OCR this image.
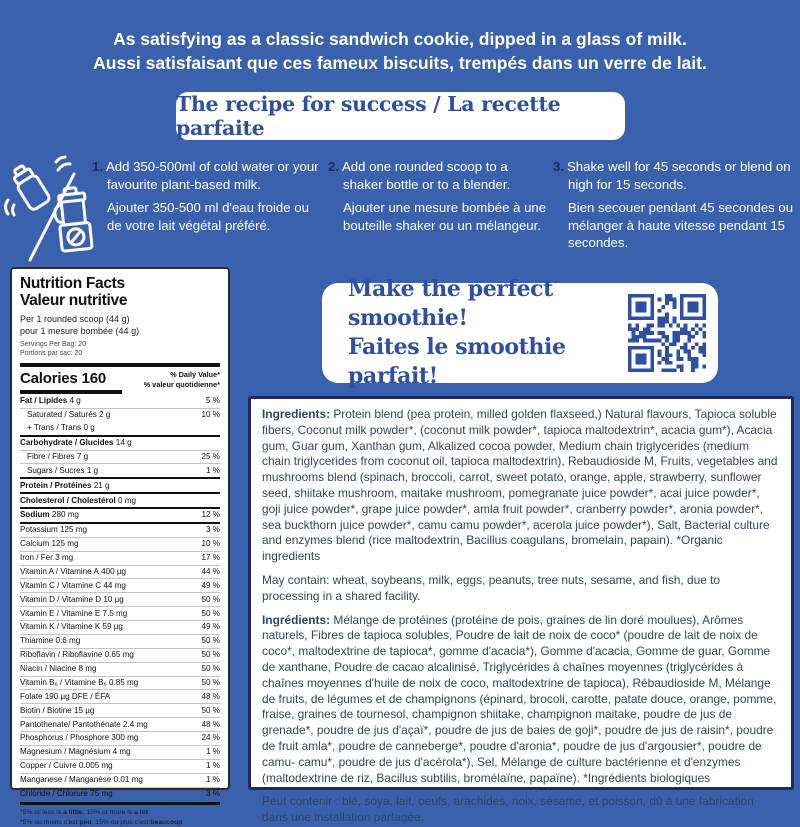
As satisfying as a classic sandwich cookie, dipped in a glass of milk.
Aussi satisfaisant que ces fameux biscuits, trempés dans un verre de lait.
The recipe for success / La recette parfaite

1. Add 350-500ml of cold water or your favourite plant-based milk.

Ajouter 350-500 ml d'eau froide ou de votre lait végétal préféré.

2. Add one rounded scoop to a shaker bottle or to a blender.

Ajouter une mesure bombée à une bouteille shaker ou un mélangeur.

3. Shake well for 45 seconds or blend on high for 15 seconds.

Bien secouer pendant 45 secondes ou mélanger à haute vitesse pendant 15 secondes.

Nutrition Facts
Valeur nutritive
Per 1 rounded scoop (44 g)
pour 1 mesure bombée (44 g)
Servings Per Bag: 20
Portions par sac: 20
Calories 160	% Daily Value*
% valeur quotidienne*
Fat / Lipides 4 g	5 %
Saturated / Saturés 2 g	10 %
+ Trans / Trans 0 g
Carbohydrate / Glucides 14 g
Fibre / Fibres 7 g	25 %
Sugars / Sucres 1 g	1 %
Protein / Protéines 21 g
Cholesterol / Cholestérol 0 mg
Sodium 280 mg	12 %
Potassium 125 mg	3 %
Calcium 125 mg	10 %
Iron / Fer 3 mg	17 %
Vitamin A / Vitamine A 400 µg	44 %
Vitamin C / Vitamine C 44 mg	49 %
Vitamin D / Vitamine D 10 µg	50 %
Vitamin E / Vitamine E 7.5 mg	50 %
Vitamin K / Vitamine K 59 µg	49 %
Thiamine 0.6 mg	50 %
Riboflavin / Riboflavine 0.65 mg	50 %
Niacin / Niacine 8 mg	50 %
Vitamin B₆ / Vitamine B₆ 0.85 mg	50 %
Folate 190 µg DFE / ÉFA	48 %
Biotin / Biotine 15 µg	50 %
Pantothenate/ Pantothénate 2.4 mg	48 %
Phosphorus / Phosphore 300 mg	24 %
Magnesium / Magnésium 4 mg	1 %
Copper / Cuivre 0.005 mg	1 %
Manganese / Manganèse 0.01 mg	1 %
Chloride / Chlorure 75 mg	3 %
*5% or less is a little, 15% or more is a lot
*5% ou moins c'est peu, 15% ou plus c'est beaucoup
Make the perfect smoothie!
Faites le smoothie parfait!

Ingredients: Protein blend (pea protein, milled golden flaxseed,) Natural flavours, Tapioca soluble fibers, Coconut milk powder*, (coconut milk powder*, tapioca maltodextrin*, acacia gum*), Acacia gum, Guar gum, Xanthan gum, Alkalized cocoa powder, Medium chain triglycerides (medium chain triglycerides from coconut oil, tapioca maltodextrin), Rebaudioside M, Fruits, vegetables and mushrooms blend (spinach, broccoli, carrot, sweet potato, orange, apple, strawberry, sunflower seed, shiitake mushroom, maitake mushroom, pomegranate juice powder*, acai juice powder*, goji juice powder*, grape juice powder*, amla fruit powder*, cranberry powder*, aronia powder*, sea buckthorn juice powder*, camu camu powder*, acerola juice powder*), Salt, Bacterial culture and enzymes blend (rice maltodextrin, Bacillus coagulans, bromelain, papain). *Organic ingredients

May contain: wheat, soybeans, milk, eggs, peanuts, tree nuts, sesame, and fish, due to processing in a shared facility.

Ingrédients: Mélange de protéines (protéine de pois, graines de lin doré moulues), Arômes naturels, Fibres de tapioca solubles, Poudre de lait de noix de coco* (poudre de lait de noix de coco*, maltodextrine de tapioca*, gomme d'acacia*), Gomme d'acacia, Gomme de guar, Gomme de xanthane, Poudre de cacao alcalinisé, Triglycérides à chaînes moyennes (triglycérides à chaînes moyennes d'huile de noix de coco, maltodextrine de tapioca), Rébaudioside M, Mélange de fruits, de légumes et de champignons (épinard, brocoli, carotte, patate douce, orange, pomme, fraise, graines de tournesol, champignon shiitake, champignon maitake, poudre de jus de grenade*, poudre de jus d'açaï*, poudre de jus de baies de goji*, poudre de jus de raisin*, poudre de fruit amla*, poudre de canneberge*, poudre d'aronia*, poudre de jus d'argousier*, poudre de camu- camu*, poudre de jus d'acérola*), Sel, Mélange de culture bactérienne et d'enzymes (maltodextrine de riz, Bacillus subtilis, bromélaïne, papaïne). *Ingrédients biologiques

Peut contenir : blé, soya, lait, oeufs, arachides, noix, sésame, et poisson, dû à une fabrication dans une installation partagée.
